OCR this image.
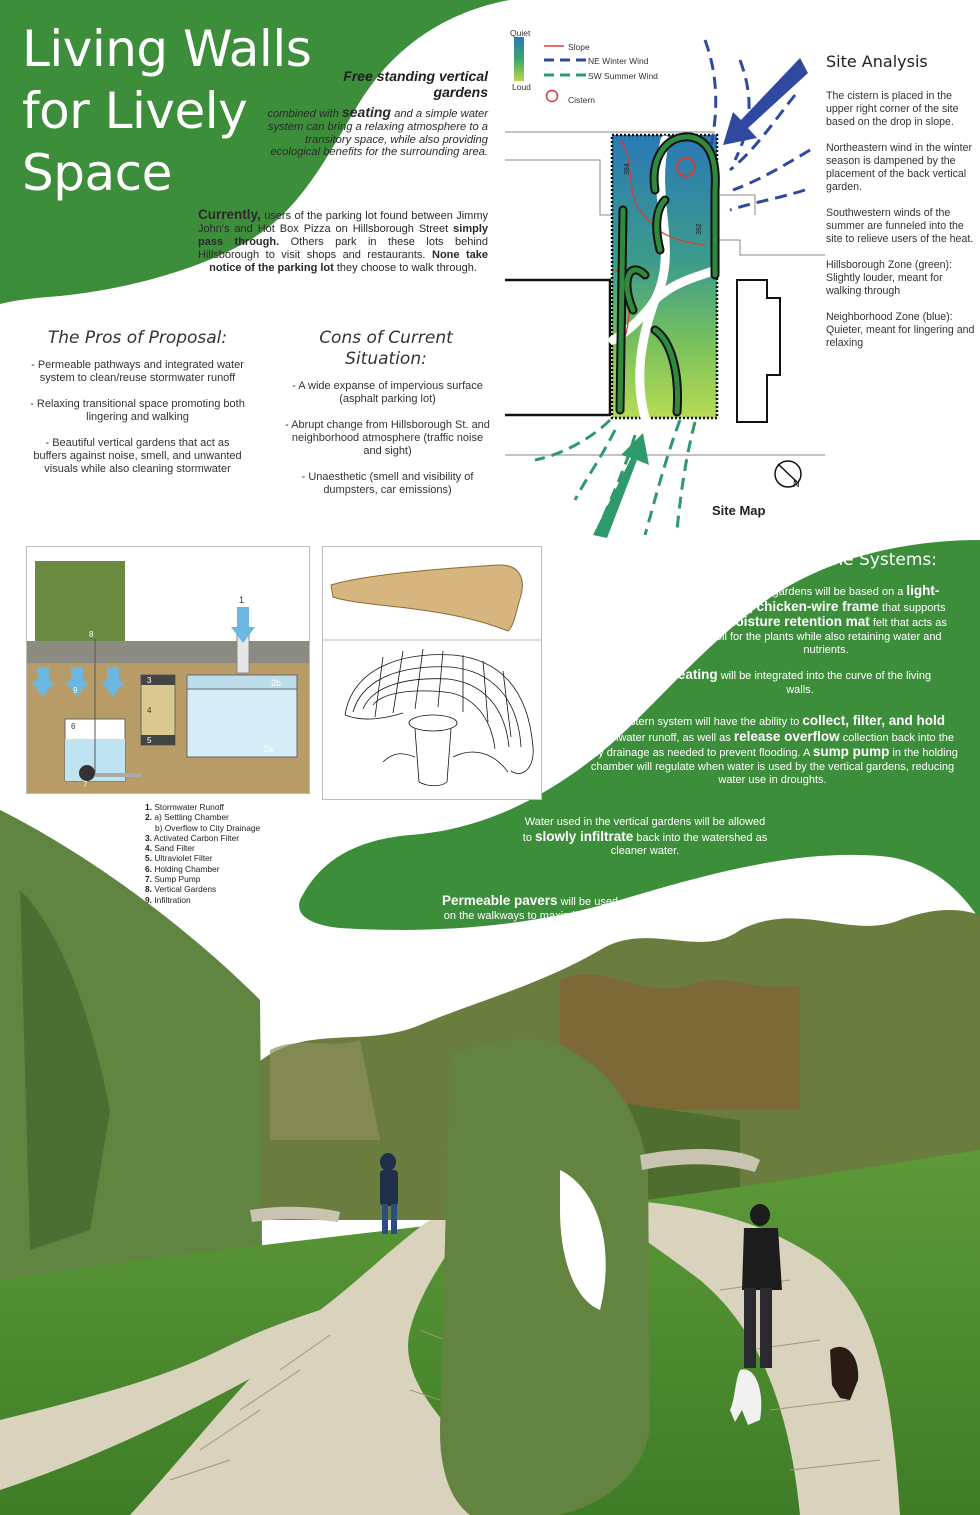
Living Walls for Lively Space
Free standing vertical gardens
combined with seating and a simple water system can bring a relaxing atmosphere to a transitory space, while also providing ecological benefits for the surrounding area.
Currently, users of the parking lot found between Jimmy John's and Hot Box Pizza on Hillsborough Street simply pass through. Others park in these lots behind Hillsborough to visit shops and restaurants. None take notice of the parking lot they choose to walk through.
The Pros of Proposal:
- Permeable pathways and integrated water system to clean/reuse stormwater runoff
- Relaxing transitional space promoting both lingering and walking
- Beautiful vertical gardens that act as buffers against noise, smell, and unwanted visuals while also cleaning stormwater
Cons of Current Situation:
- A wide expanse of impervious surface (asphalt parking lot)
- Abrupt change from Hillsborough St. and neighborhood atmosphere (traffic noise and sight)
- Unaesthetic (smell and visibility of dumpsters, car emissions)
Quiet
Loud
Slope
NE Winter Wind
SW Summer Wind
Cistern
394
392
N
Site Map
Site Analysis

The cistern is placed in the upper right corner of the site based on the drop in slope.

Northeastern wind in the winter season is dampened by the placement of the back vertical garden.

Southwestern winds of the summer are funneled into the site to relieve users of the heat.

Hillsborough Zone (green): Slightly louder, meant for walking through

Neighborhood Zone (blue): Quieter, meant for lingering and relaxing

1
2b
2a
3
4
5
6
7
8
9
1. Stormwater Runoff
2. a) Settling Chamber
b) Overflow to City Drainage
3. Activated Carbon Filter
4. Sand Filter
5. Ultraviolet Filter
6. Holding Chamber
7. Sump Pump
8. Vertical Gardens
9. Infiltration
The Systems:
The vertical gardens will be based on a light-weight, chicken-wire frame that supports the moisture retention mat felt that acts as soil for the plants while also retaining water and nutrients.
Seating will be integrated into the curve of the living walls.
The cistern system will have the ability to collect, filter, and hold stormwater runoff, as well as release overflow collection back into the city drainage as needed to prevent flooding. A sump pump in the holding chamber will regulate when water is used by the vertical gardens, reducing water use in droughts.
Water used in the vertical gardens will be allowed to slowly infiltrate back into the watershed as cleaner water.
Permeable pavers will be used on the walkways to maximize water retention.
